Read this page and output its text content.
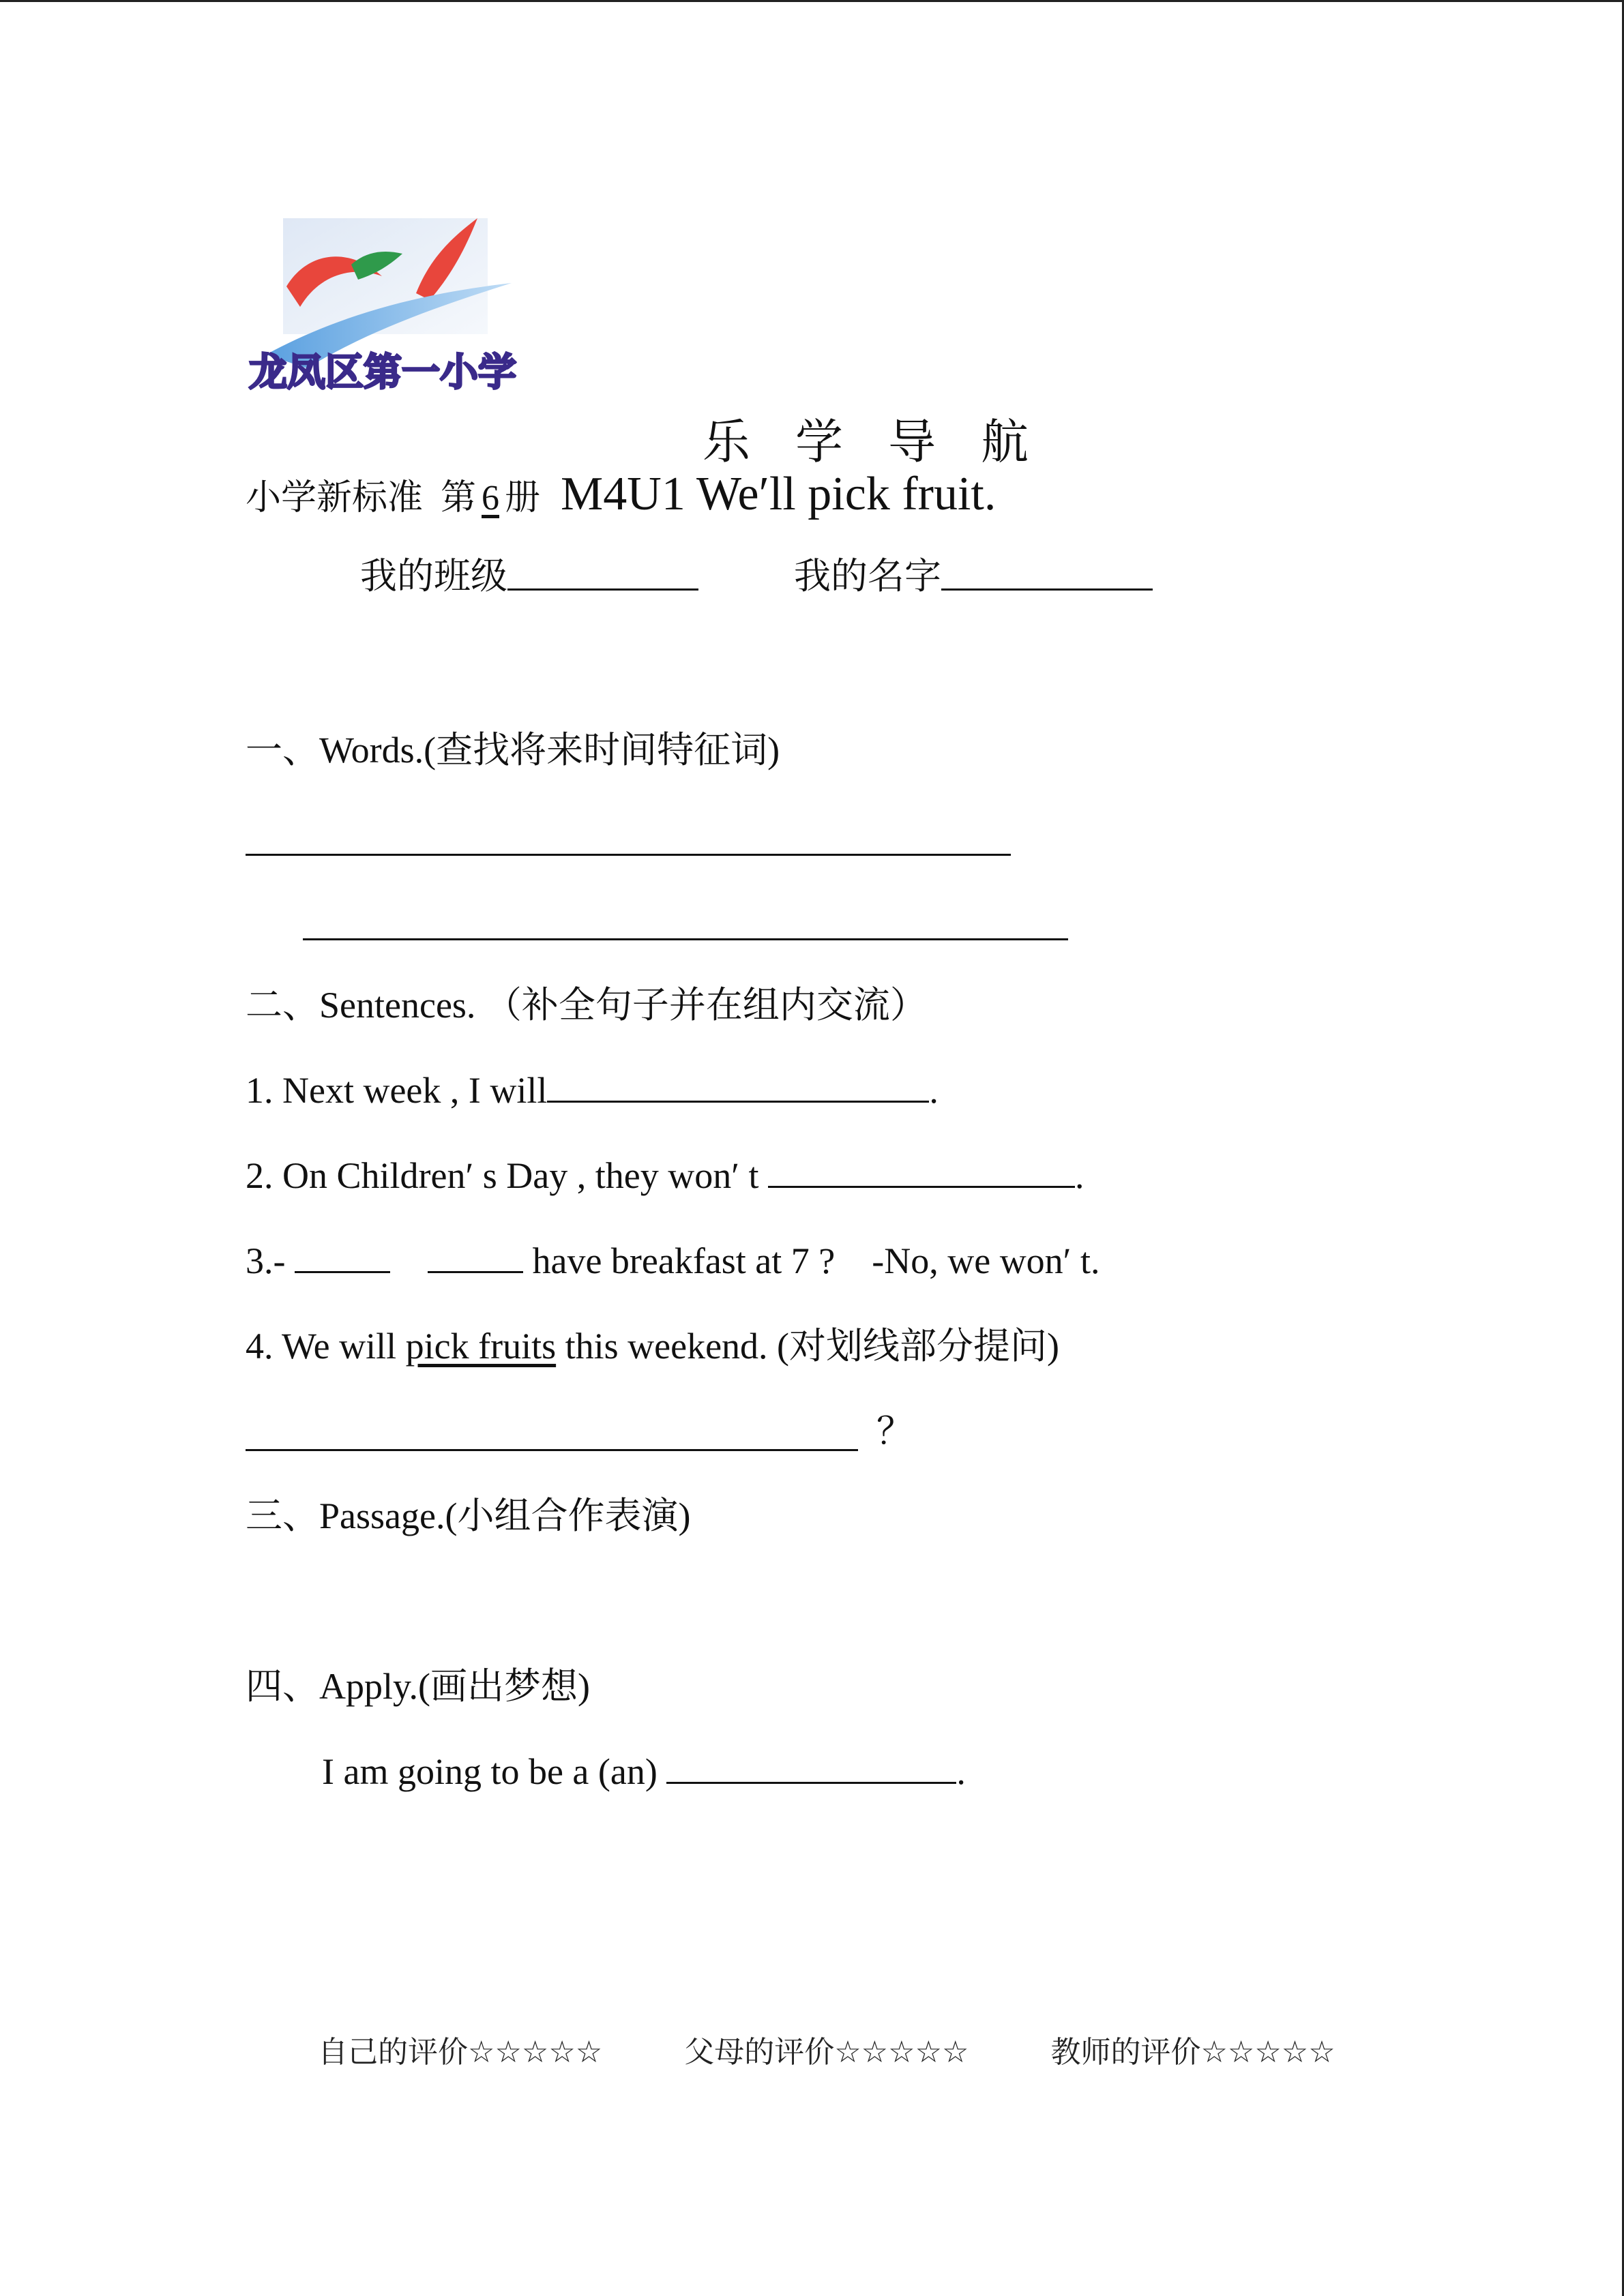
龙凤区第一小学

乐 学 导 航

小学新标准  第 6 册 M4U1 We′ll pick fruit.
我的班级	我的名字
一、Words.(查找将来时间特征词)
二、Sentences. （补全句子并在组内交流）
1. Next week , I will	.
2. On Children′ s Day , they won′ t	.
3.-	have breakfast at 7 ?    -No, we won′ t.
4. We will pick fruits this weekend. (对划线部分提问)
？
三、Passage.(小组合作表演)
四、Apply.(画出梦想)
I am going to be a (an)	.
自己的评价☆☆☆☆☆	父母的评价☆☆☆☆☆	教师的评价☆☆☆☆☆
